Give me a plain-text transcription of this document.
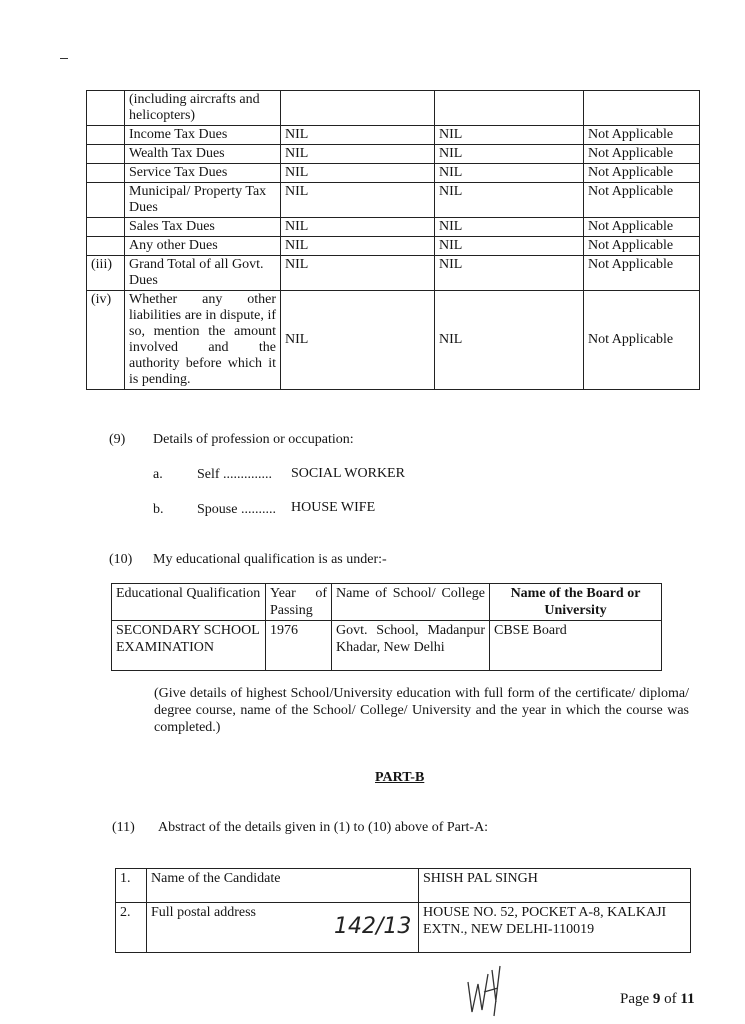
	(including aircrafts and helicopters)			
	Income Tax Dues	NIL	NIL	Not Applicable
	Wealth Tax Dues	NIL	NIL	Not Applicable
	Service Tax Dues	NIL	NIL	Not Applicable
	Municipal/ Property Tax Dues	NIL	NIL	Not Applicable
	Sales Tax Dues	NIL	NIL	Not Applicable
	Any other Dues	NIL	NIL	Not Applicable
(iii)	Grand Total of all Govt. Dues	NIL	NIL	Not Applicable
(iv)	Whether any other liabilities are in dispute, if so, mention the amount involved and the authority before which it is pending.	NIL	NIL	Not Applicable
(9) Details of profession or occupation:
a. Self .............. SOCIAL WORKER
b. Spouse .......... HOUSE WIFE
(10) My educational qualification is as under:-
Educational Qualification	Year of Passing	Name of School/ College	Name of the Board or University
SECONDARY SCHOOL EXAMINATION	1976	Govt. School, Madanpur Khadar, New Delhi	CBSE Board
(Give details of highest School/University education with full form of the certificate/ diploma/ degree course, name of the School/ College/ University and the year in which the course was completed.)
PART-B
(11) Abstract of the details given in (1) to (10) above of Part-A:
1.	Name of the Candidate	SHISH PAL SINGH
2.	Full postal address	HOUSE NO. 52, POCKET A-8, KALKAJI EXTN., NEW DELHI-110019
142/13
Page 9 of 11
